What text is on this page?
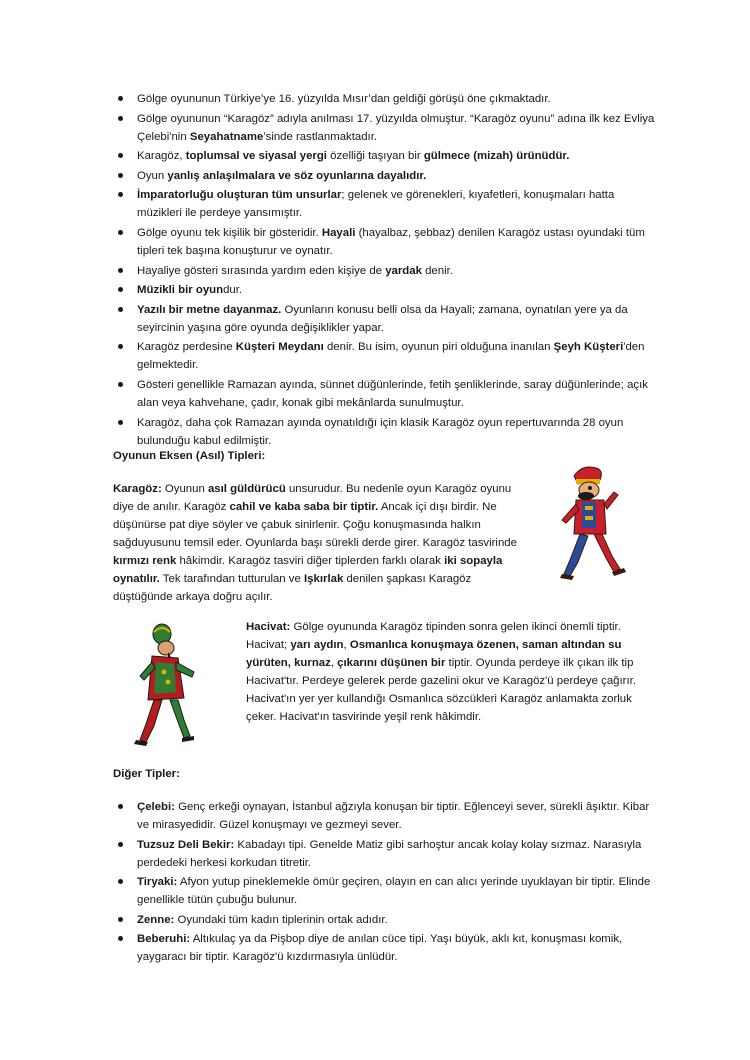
Gölge oyununun Türkiye’ye 16. yüzyılda Mısır’dan geldiği görüşü öne çıkmaktadır.
Gölge oyununun “Karagöz” adıyla anılması 17. yüzyılda olmuştur. “Karagöz oyunu” adına ilk kez Evliya Çelebi'nin Seyahatname’sinde rastlanmaktadır.
Karagöz, toplumsal ve siyasal yergi özelliği taşıyan bir gülmece (mizah) ürünüdür.
Oyun yanlış anlaşılmalara ve söz oyunlarına dayalıdır.
İmparatorluğu oluşturan tüm unsurlar; gelenek ve görenekleri, kıyafetleri, konuşmaları hatta müzikleri ile perdeye yansımıştır.
Gölge oyunu tek kişilik bir gösteridir. Hayali (hayalbaz, şebbaz) denilen Karagöz ustası oyundaki tüm tipleri tek başına konuşturur ve oynatır.
Hayaliye gösteri sırasında yardım eden kişiye de yardak denir.
Müzikli bir oyundur.
Yazılı bir metne dayanmaz. Oyunların konusu belli olsa da Hayali; zamana, oynatılan yere ya da seyircinin yaşına göre oyunda değişiklikler yapar.
Karagöz perdesine Küşteri Meydanı denir. Bu isim, oyunun piri olduğuna inanılan Şeyh Küşteri'den gelmektedir.
Gösteri genellikle Ramazan ayında, sünnet düğünlerinde, fetih şenliklerinde, saray düğünlerinde; açık alan veya kahvehane, çadır, konak gibi mekânlarda sunulmuştur.
Karagöz, daha çok Ramazan ayında oynatıldığı için klasik Karagöz oyun repertuvarında 28 oyun bulunduğu kabul edilmiştir.
Oyunun Eksen (Asıl) Tipleri:

Karagöz: Oyunun asıl güldürücü unsurudur. Bu nedenle oyun Karagöz oyunu diye de anılır. Karagöz cahil ve kaba saba bir tiptir. Ancak içi dışı birdir. Ne düşünürse pat diye söyler ve çabuk sinirlenir. Çoğu konuşmasında halkın sağduyusunu temsil eder. Oyunlarda başı sürekli derde girer. Karagöz tasvirinde kırmızı renk hâkimdir. Karagöz tasviri diğer tiplerden farklı olarak iki sopayla oynatılır. Tek tarafından tutturulan ve Işkırlak denilen şapkası Karagöz düştüğünde arkaya doğru açılır.

Hacivat: Gölge oyununda Karagöz tipinden sonra gelen ikinci önemli tiptir. Hacivat; yarı aydın, Osmanlıca konuşmaya özenen, saman altından su yürüten, kurnaz, çıkarını düşünen bir tiptir. Oyunda perdeye ilk çıkan ilk tip Hacivat'tır. Perdeye gelerek perde gazelini okur ve Karagöz'ü perdeye çağırır. Hacivat'ın yer yer kullandığı Osmanlıca sözcükleri Karagöz anlamakta zorluk çeker. Hacivat'ın tasvirinde yeşil renk hâkimdir.

Diğer Tipler:
Çelebi: Genç erkeği oynayan, İstanbul ağzıyla konuşan bir tiptir. Eğlenceyi sever, sürekli âşıktır. Kibar ve mirasyedidir. Güzel konuşmayı ve gezmeyi sever.
Tuzsuz Deli Bekir: Kabadayı tipi. Genelde Matiz gibi sarhoştur ancak kolay kolay sızmaz. Narasıyla perdedeki herkesi korkudan titretir.
Tiryaki: Afyon yutup pineklemekle ömür geçiren, olayın en can alıcı yerinde uyuklayan bir tiptir. Elinde genellikle tütün çubuğu bulunur.
Zenne: Oyundaki tüm kadın tiplerinin ortak adıdır.
Beberuhi: Altıkulaç ya da Pişbop diye de anılan cüce tipi. Yaşı büyük, aklı kıt, konuşması komik, yaygaracı bir tiptir. Karagöz'ü kızdırmasıyla ünlüdür.
